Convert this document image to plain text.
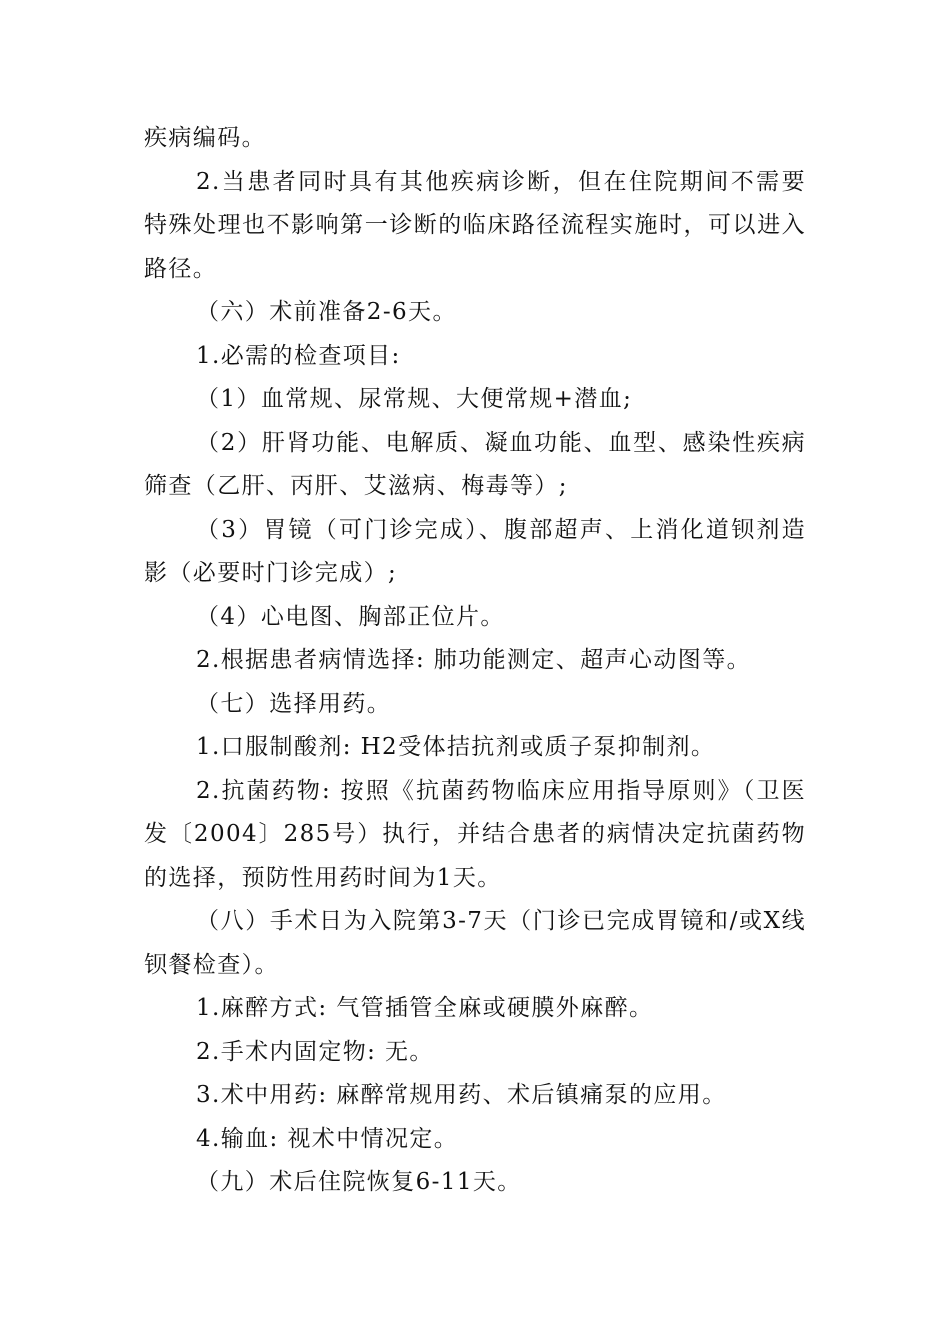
疾病编码。

2.当患者同时具有其他疾病诊断，但在住院期间不需要特殊处理也不影响第一诊断的临床路径流程实施时，可以进入路径。

（六）术前准备2-6天。

1.必需的检查项目:

（1）血常规、尿常规、大便常规+潜血;

（2）肝肾功能、电解质、凝血功能、血型、感染性疾病筛查（乙肝、丙肝、艾滋病、梅毒等）;

（3）胃镜（可门诊完成）、腹部超声、上消化道钡剂造影（必要时门诊完成）;

（4）心电图、胸部正位片。

2.根据患者病情选择: 肺功能测定、超声心动图等。

（七）选择用药。

1.口服制酸剂: H2受体拮抗剂或质子泵抑制剂。

2.抗菌药物: 按照《抗菌药物临床应用指导原则》（卫医发〔2004〕285号）执行，并结合患者的病情决定抗菌药物的选择，预防性用药时间为1天。

（八）手术日为入院第3-7天（门诊已完成胃镜和/或X线钡餐检查）。

1.麻醉方式: 气管插管全麻或硬膜外麻醉。

2.手术内固定物: 无。

3.术中用药: 麻醉常规用药、术后镇痛泵的应用。

4.输血: 视术中情况定。

（九）术后住院恢复6-11天。
